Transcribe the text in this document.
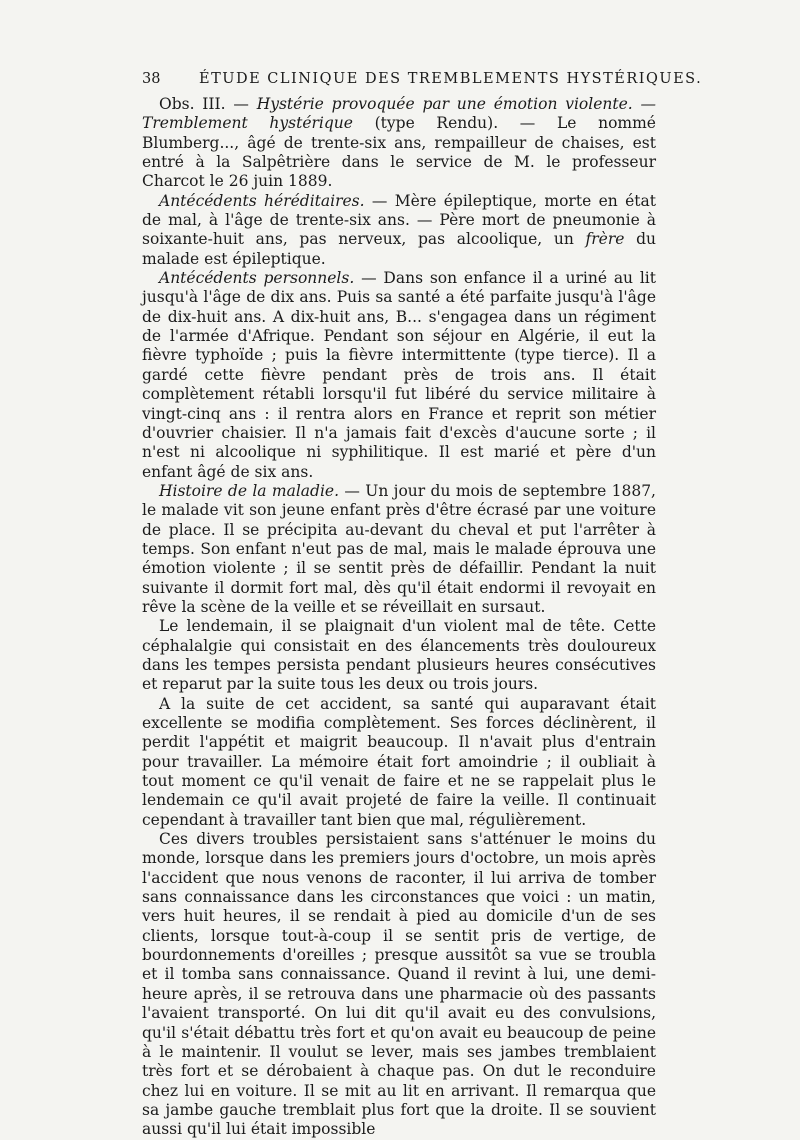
38	ÉTUDE CLINIQUE DES TREMBLEMENTS HYSTÉRIQUES.

Obs. III. — Hystérie provoquée par une émotion violente. — Tremblement hystérique (type Rendu). — Le nommé Blumberg..., âgé de trente-six ans, rempailleur de chaises, est entré à la Salpêtrière dans le service de M. le professeur Charcot le 26 juin 1889.

Antécédents héréditaires. — Mère épileptique, morte en état de mal, à l'âge de trente-six ans. — Père mort de pneumonie à soixante-huit ans, pas nerveux, pas alcoolique, un frère du malade est épileptique.

Antécédents personnels. — Dans son enfance il a uriné au lit jusqu'à l'âge de dix ans. Puis sa santé a été parfaite jusqu'à l'âge de dix-huit ans. A dix-huit ans, B... s'engagea dans un régiment de l'armée d'Afrique. Pendant son séjour en Algérie, il eut la fièvre typhoïde ; puis la fièvre intermittente (type tierce). Il a gardé cette fièvre pendant près de trois ans. Il était complètement rétabli lorsqu'il fut libéré du service militaire à vingt-cinq ans : il rentra alors en France et reprit son métier d'ouvrier chaisier. Il n'a jamais fait d'excès d'aucune sorte ; il n'est ni alcoolique ni syphilitique. Il est marié et père d'un enfant âgé de six ans.

Histoire de la maladie. — Un jour du mois de septembre 1887, le malade vit son jeune enfant près d'être écrasé par une voiture de place. Il se précipita au-devant du cheval et put l'arrêter à temps. Son enfant n'eut pas de mal, mais le malade éprouva une émotion violente ; il se sentit près de défaillir. Pendant la nuit suivante il dormit fort mal, dès qu'il était endormi il revoyait en rêve la scène de la veille et se réveillait en sursaut.

Le lendemain, il se plaignait d'un violent mal de tête. Cette céphalalgie qui consistait en des élancements très douloureux dans les tempes persista pendant plusieurs heures consécutives et reparut par la suite tous les deux ou trois jours.

A la suite de cet accident, sa santé qui auparavant était excellente se modifia complètement. Ses forces déclinèrent, il perdit l'appétit et maigrit beaucoup. Il n'avait plus d'entrain pour travailler. La mémoire était fort amoindrie ; il oubliait à tout moment ce qu'il venait de faire et ne se rappelait plus le lendemain ce qu'il avait projeté de faire la veille. Il continuait cependant à travailler tant bien que mal, régulièrement.

Ces divers troubles persistaient sans s'atténuer le moins du monde, lorsque dans les premiers jours d'octobre, un mois après l'accident que nous venons de raconter, il lui arriva de tomber sans connaissance dans les circonstances que voici : un matin, vers huit heures, il se rendait à pied au domicile d'un de ses clients, lorsque tout-à-coup il se sentit pris de vertige, de bourdonnements d'oreilles ; presque aussitôt sa vue se troubla et il tomba sans connaissance. Quand il revint à lui, une demi-heure après, il se retrouva dans une pharmacie où des passants l'avaient transporté. On lui dit qu'il avait eu des convulsions, qu'il s'était débattu très fort et qu'on avait eu beaucoup de peine à le maintenir. Il voulut se lever, mais ses jambes tremblaient très fort et se dérobaient à chaque pas. On dut le reconduire chez lui en voiture. Il se mit au lit en arrivant. Il remarqua que sa jambe gauche tremblait plus fort que la droite. Il se souvient aussi qu'il lui était impossible
